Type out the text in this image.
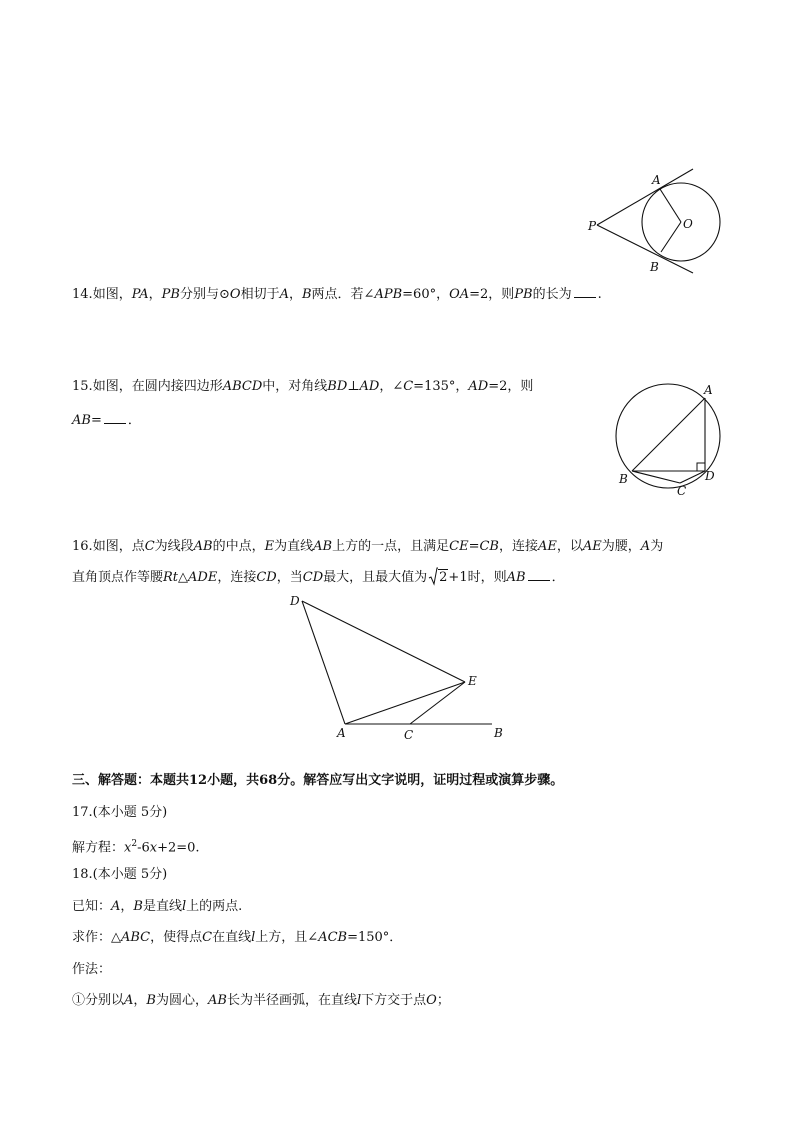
A
B
O
P
14.如图，PA，PB分别与⊙O相切于A，B两点．若∠APB=60°，OA=2，则PB的长为 .
15.如图，在圆内接四边形ABCD中，对角线BD⊥AD，∠C=135°，AD=2，则
AB= ．
A
B
C
D
16.如图，点C为线段AB的中点，E为直线AB上方的一点，且满足CE=CB，连接AE，以AE为腰，A为
直角顶点作等腰Rt△ADE，连接CD，当CD最大，且最大值为 2+1时，则AB ．
D
E
A	C	B
三、解答题：本题共12小题，共68分。解答应写出文字说明，证明过程或演算步骤。
17.(本小题 5分)
解方程：$x^2-6x+2=0$.
18.(本小题 5分)
已知：A，B是直线l上的两点.
求作：△ABC，使得点C在直线l上方，且∠ACB=150°．
作法：
①分别以A，B为圆心，AB长为半径画弧，在直线l下方交于点O；
